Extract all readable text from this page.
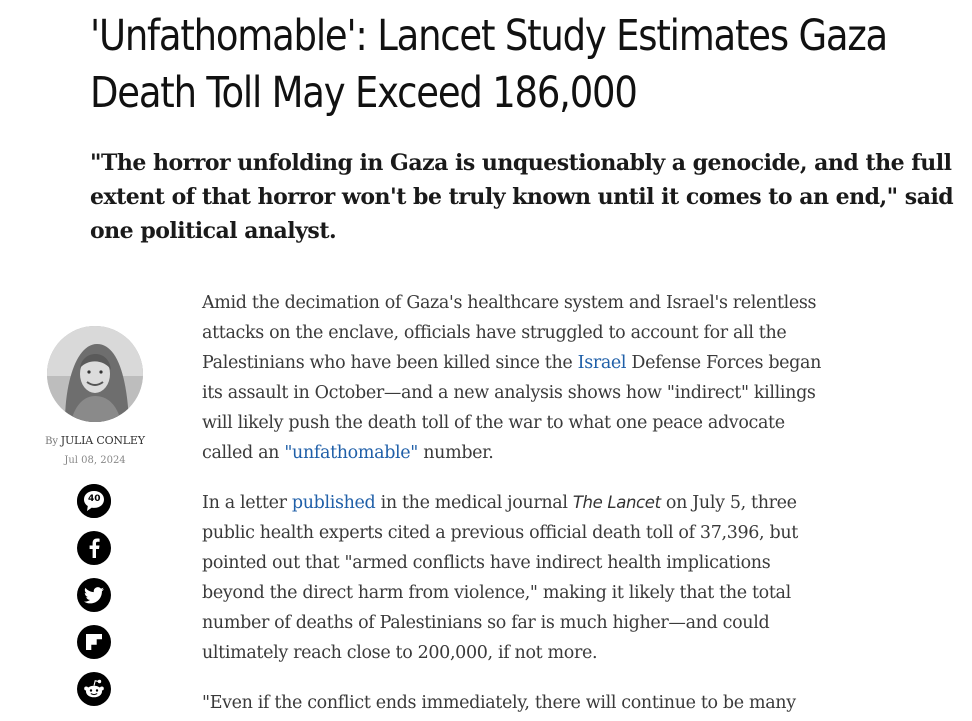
'Unfathomable': Lancet Study Estimates Gaza
Death Toll May Exceed 186,000
"The horror unfolding in Gaza is unquestionably a genocide, and the full
extent of that horror won't be truly known until it comes to an end," said
one political analyst.
By JULIA CONLEY
Jul 08, 2024
40

Amid the decimation of Gaza's healthcare system and Israel's relentless
attacks on the enclave, officials have struggled to account for all the
Palestinians who have been killed since the Israel Defense Forces began
its assault in October—and a new analysis shows how "indirect" killings
will likely push the death toll of the war to what one peace advocate
called an "unfathomable" number.

In a letter published in the medical journal The Lancet on July 5, three
public health experts cited a previous official death toll of 37,396, but
pointed out that "armed conflicts have indirect health implications
beyond the direct harm from violence," making it likely that the total
number of deaths of Palestinians so far is much higher—and could
ultimately reach close to 200,000, if not more.

"Even if the conflict ends immediately, there will continue to be many
